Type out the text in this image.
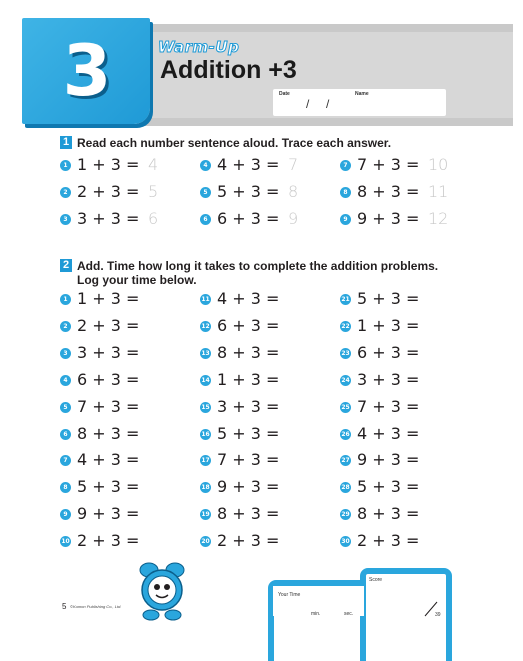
3	Warm-Up
Addition +3
Date	Name
/ /
1 Read each number sentence aloud. Trace each answer.
1 1 + 3 = 4
2 2 + 3 = 5
3 3 + 3 = 6
4 4 + 3 = 7
5 5 + 3 = 8
6 6 + 3 = 9
7 7 + 3 = 10
8 8 + 3 = 11
9 9 + 3 = 12
2 Add. Time how long it takes to complete the addition problems.
Log your time below.
1 1 + 3 =
2 2 + 3 =
3 3 + 3 =
4 6 + 3 =
5 7 + 3 =
6 8 + 3 =
7 4 + 3 =
8 5 + 3 =
9 9 + 3 =
10 2 + 3 =
11 4 + 3 =
12 6 + 3 =
13 8 + 3 =
14 1 + 3 =
15 3 + 3 =
16 5 + 3 =
17 7 + 3 =
18 9 + 3 =
19 8 + 3 =
20 2 + 3 =
21 5 + 3 =
22 1 + 3 =
23 6 + 3 =
24 3 + 3 =
25 7 + 3 =
26 4 + 3 =
27 9 + 3 =
28 5 + 3 =
29 8 + 3 =
30 2 + 3 =
5 ©Kumon Publishing Co., Ltd.
Your Time
min.	sec.
Score
39
